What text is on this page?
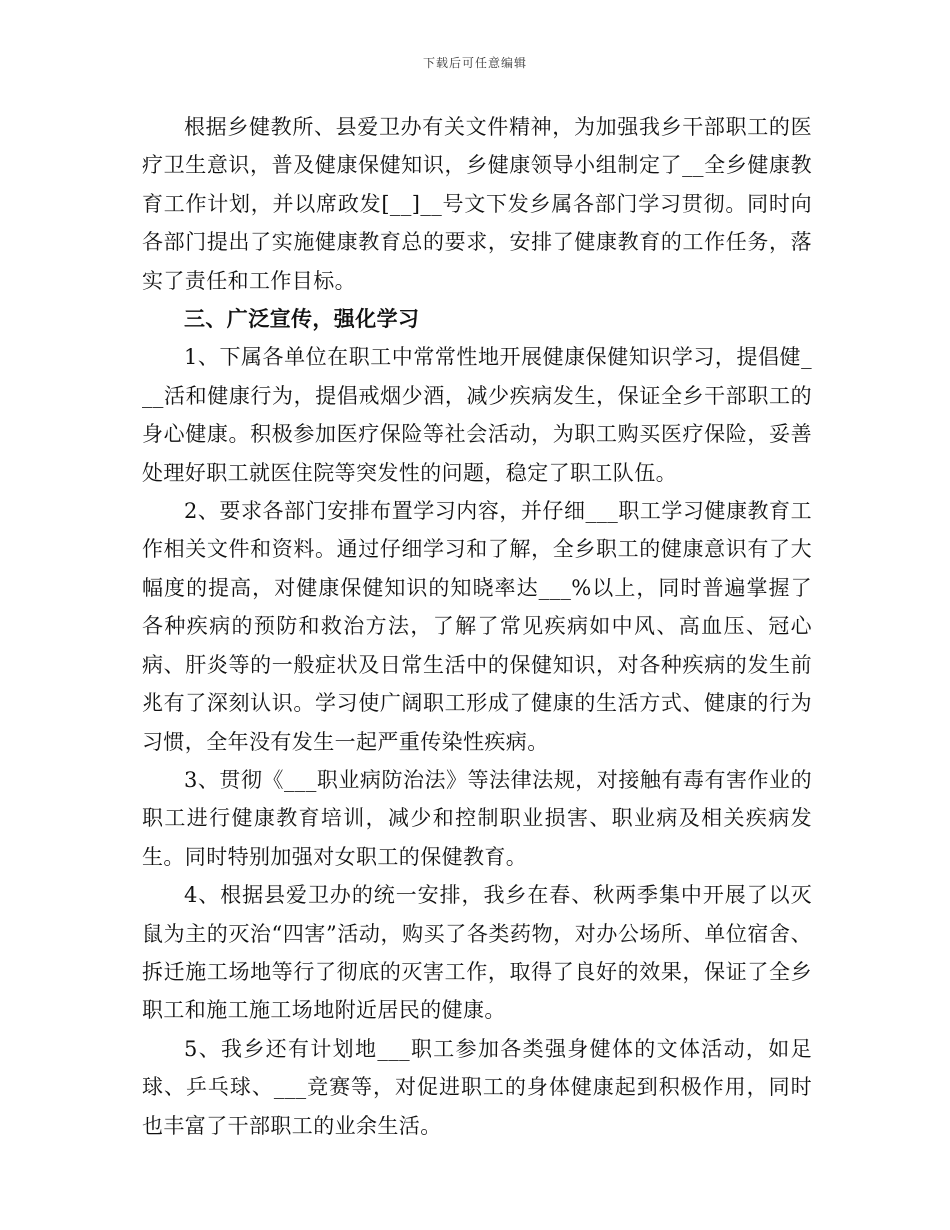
下载后可任意编辑

根据乡健教所、县爱卫办有关文件精神，为加强我乡干部职工的医疗卫生意识，普及健康保健知识，乡健康领导小组制定了__全乡健康教育工作计划，并以席政发[__]__号文下发乡属各部门学习贯彻。同时向各部门提出了实施健康教育总的要求，安排了健康教育的工作任务，落实了责任和工作目标。

三、广泛宣传，强化学习

1、下属各单位在职工中常常性地开展健康保健知识学习，提倡健___活和健康行为，提倡戒烟少酒，减少疾病发生，保证全乡干部职工的身心健康。积极参加医疗保险等社会活动，为职工购买医疗保险，妥善处理好职工就医住院等突发性的问题，稳定了职工队伍。

2、要求各部门安排布置学习内容，并仔细___职工学习健康教育工作相关文件和资料。通过仔细学习和了解，全乡职工的健康意识有了大幅度的提高，对健康保健知识的知晓率达___%以上，同时普遍掌握了各种疾病的预防和救治方法，了解了常见疾病如中风、高血压、冠心病、肝炎等的一般症状及日常生活中的保健知识，对各种疾病的发生前兆有了深刻认识。学习使广阔职工形成了健康的生活方式、健康的行为习惯，全年没有发生一起严重传染性疾病。

3、贯彻《___职业病防治法》等法律法规，对接触有毒有害作业的职工进行健康教育培训，减少和控制职业损害、职业病及相关疾病发生。同时特别加强对女职工的保健教育。

4、根据县爱卫办的统一安排，我乡在春、秋两季集中开展了以灭鼠为主的灭治“四害”活动，购买了各类药物，对办公场所、单位宿舍、拆迁施工场地等行了彻底的灭害工作，取得了良好的效果，保证了全乡职工和施工施工场地附近居民的健康。

5、我乡还有计划地___职工参加各类强身健体的文体活动，如足球、乒乓球、___竞赛等，对促进职工的身体健康起到积极作用，同时也丰富了干部职工的业余生活。
